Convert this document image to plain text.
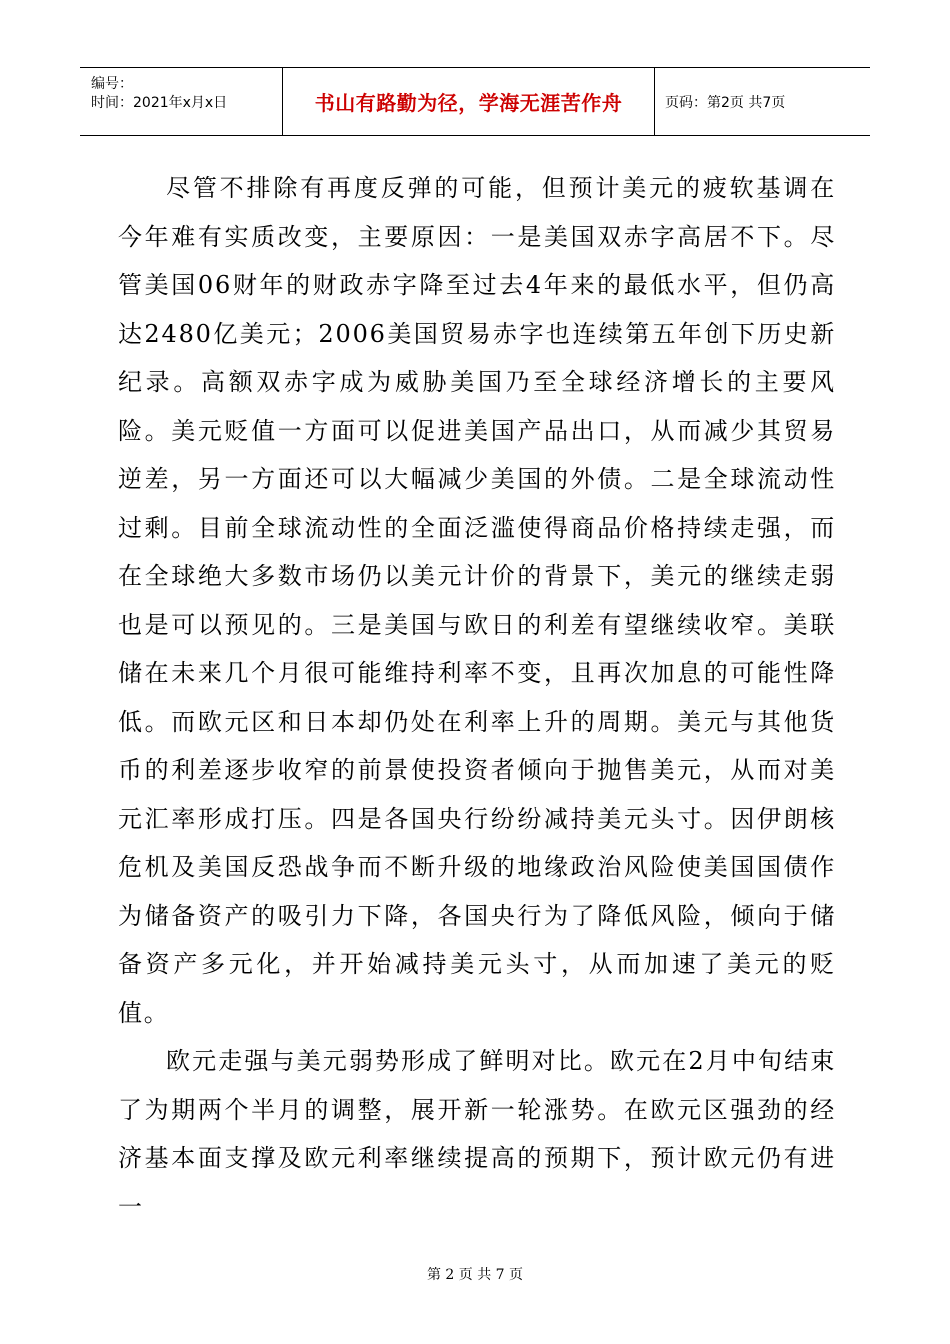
编号：
时间：2021年x月x日	书山有路勤为径，学海无涯苦作舟	页码：第2页 共7页

尽管不排除有再度反弹的可能，但预计美元的疲软基调在今年难有实质改变，主要原因：一是美国双赤字高居不下。尽管美国06财年的财政赤字降至过去4年来的最低水平，但仍高达2480亿美元；2006美国贸易赤字也连续第五年创下历史新纪录。高额双赤字成为威胁美国乃至全球经济增长的主要风险。美元贬值一方面可以促进美国产品出口，从而减少其贸易逆差，另一方面还可以大幅减少美国的外债。二是全球流动性过剩。目前全球流动性的全面泛滥使得商品价格持续走强，而在全球绝大多数市场仍以美元计价的背景下，美元的继续走弱也是可以预见的。三是美国与欧日的利差有望继续收窄。美联储在未来几个月很可能维持利率不变，且再次加息的可能性降低。而欧元区和日本却仍处在利率上升的周期。美元与其他货币的利差逐步收窄的前景使投资者倾向于抛售美元，从而对美元汇率形成打压。四是各国央行纷纷减持美元头寸。因伊朗核危机及美国反恐战争而不断升级的地缘政治风险使美国国债作为储备资产的吸引力下降，各国央行为了降低风险，倾向于储备资产多元化，并开始减持美元头寸，从而加速了美元的贬值。

欧元走强与美元弱势形成了鲜明对比。欧元在2月中旬结束了为期两个半月的调整，展开新一轮涨势。在欧元区强劲的经济基本面支撑及欧元利率继续提高的预期下，预计欧元仍有进一

第 2 页 共 7 页
